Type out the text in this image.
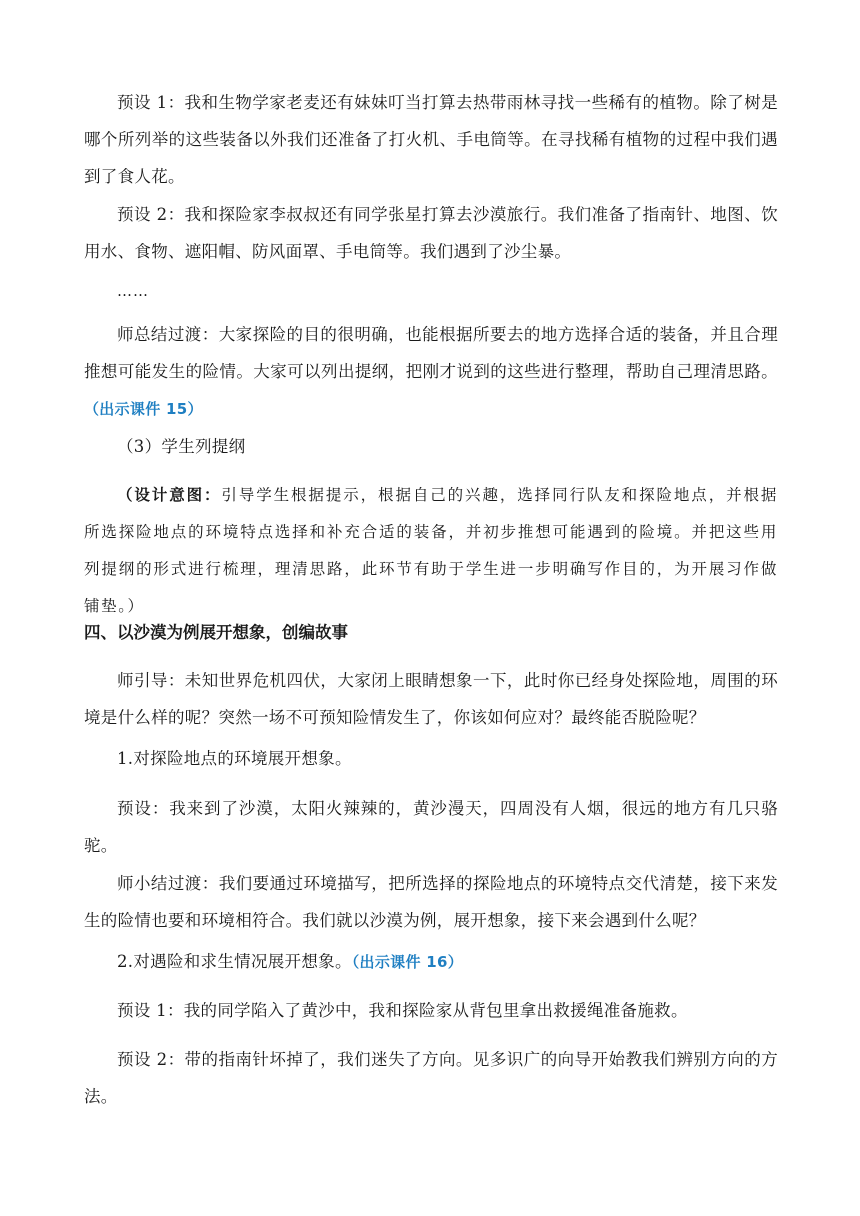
预设 1：我和生物学家老麦还有妹妹叮当打算去热带雨林寻找一些稀有的植物。除了树是哪个所列举的这些装备以外我们还准备了打火机、手电筒等。在寻找稀有植物的过程中我们遇到了食人花。

预设 2：我和探险家李叔叔还有同学张星打算去沙漠旅行。我们准备了指南针、地图、饮用水、食物、遮阳帽、防风面罩、手电筒等。我们遇到了沙尘暴。

……

师总结过渡：大家探险的目的很明确，也能根据所要去的地方选择合适的装备，并且合理推想可能发生的险情。大家可以列出提纲，把刚才说到的这些进行整理，帮助自己理清思路。（出示课件 15）

（3）学生列提纲

（设计意图：引导学生根据提示，根据自己的兴趣，选择同行队友和探险地点，并根据所选探险地点的环境特点选择和补充合适的装备，并初步推想可能遇到的险境。并把这些用列提纲的形式进行梳理，理清思路，此环节有助于学生进一步明确写作目的，为开展习作做铺垫。）

四、以沙漠为例展开想象，创编故事

师引导：未知世界危机四伏，大家闭上眼睛想象一下，此时你已经身处探险地，周围的环境是什么样的呢？突然一场不可预知险情发生了，你该如何应对？最终能否脱险呢？

1.对探险地点的环境展开想象。

预设：我来到了沙漠，太阳火辣辣的，黄沙漫天，四周没有人烟，很远的地方有几只骆驼。

师小结过渡：我们要通过环境描写，把所选择的探险地点的环境特点交代清楚，接下来发生的险情也要和环境相符合。我们就以沙漠为例，展开想象，接下来会遇到什么呢？

2.对遇险和求生情况展开想象。（出示课件 16）

预设 1：我的同学陷入了黄沙中，我和探险家从背包里拿出救援绳准备施救。

预设 2：带的指南针坏掉了，我们迷失了方向。见多识广的向导开始教我们辨别方向的方法。
